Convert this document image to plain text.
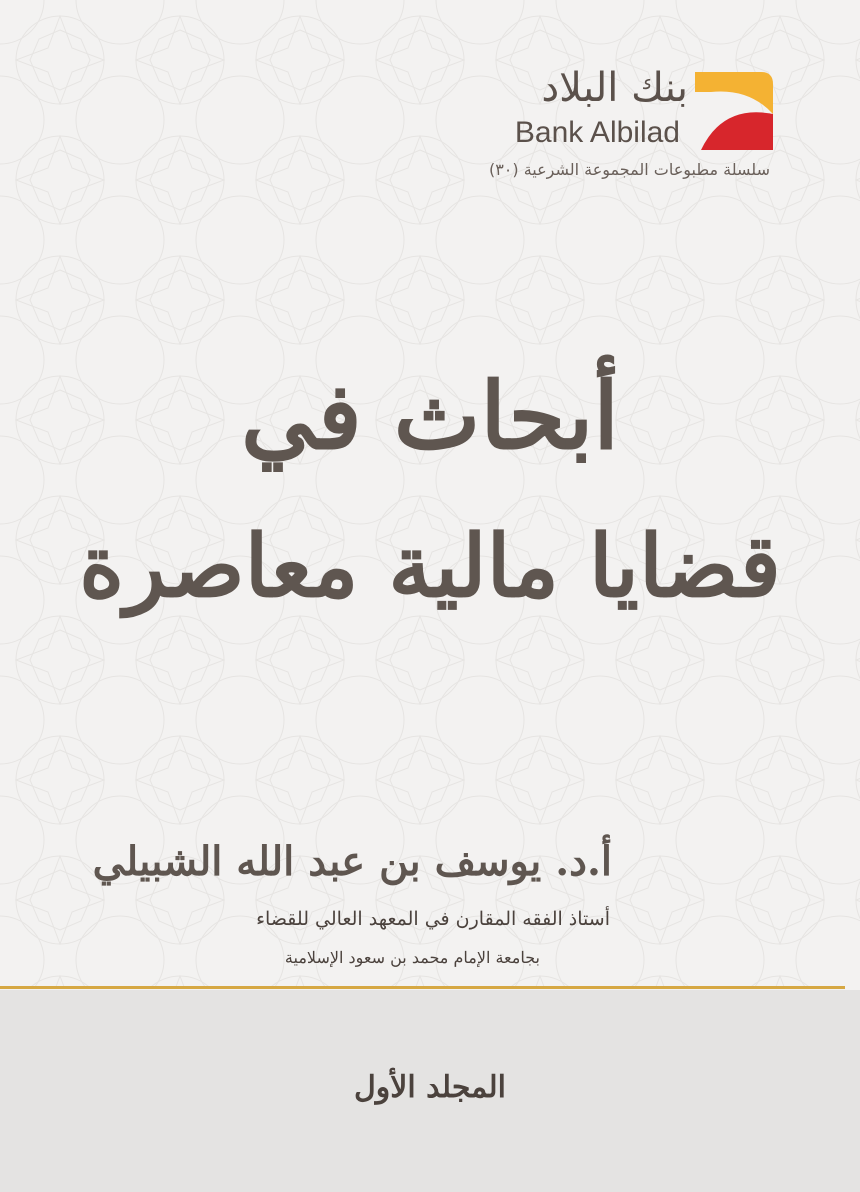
بنك البلاد
Bank Albilad
سلسلة مطبوعات المجموعة الشرعية (٣٠)
أبحاث في
قضايا مالية معاصرة
أ.د. يوسف بن عبد الله الشبيلي
أستاذ الفقه المقارن في المعهد العالي للقضاء
بجامعة الإمام محمد بن سعود الإسلامية
المجلد الأول
